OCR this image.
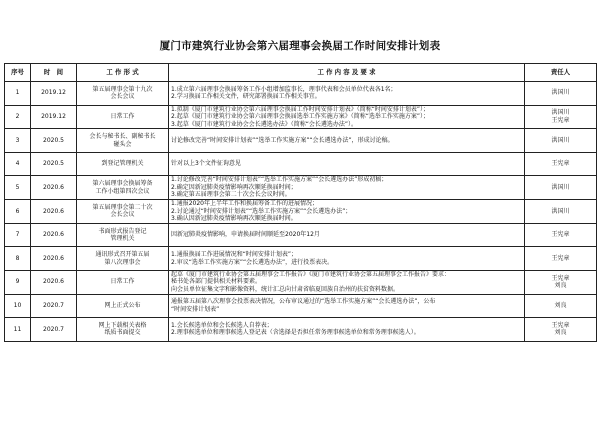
厦门市建筑行业协会第六届理事会换届工作时间安排计划表
序号	时　间	工 作 形 式	工 作 内 容 及 要 求	责任人

1	2019.12	第五届理事会第十九次
会长会议	1.成立第六届理事会换届筹备工作小组增加监事长，理事代表和会员单位代表各1名；
2.学习换届工作相关文件，研究部署换届工作相关事宜。	洪国川

2	2019.12	日常工作	1.拟制《厦门市建筑行业协会第六届理事会换届工作时间安排计划表》（简称“时间安排计划表”）；
2.起草《厦门市建筑行业协会第六届理事会换届选举工作实施方案》（简称“选举工作实施方案”）；
3.起草《厦门市建筑行业协会会长遴选办法》（简称“会长遴选办法”）。	洪国川
王宪章

3	2020.5	会长与秘书长、副秘书长
碰头会	讨论修改完善“时间安排计划表”“选举工作实施方案”“会长遴选办法”，形成讨论稿。	洪国川

4	2020.5	到登记管理机关	针对以上3个文件征询意见	王宪章

5	2020.6	第六届理事会换届筹备
工作小组第四次会议	1.讨论修改完善“时间安排计划表”“选举工作实施方案”“会长遴选办法”形成初稿；
2.确定因新冠肺炎疫情影响再次顺延换届时间；
3.确定第五届理事会第二十次会长会议时间。	洪国川

6	2020.6	第五届理事会第二十次
会长会议	1.通报2020年上半年工作和换届筹备工作的进展情况；
2.讨论通过“时间安排计划表”“选举工作实施方案”“会长遴选办法”；
3.确认因新冠肺炎疫情影响再次顺延换届时间。	洪国川

7	2020.6	书面形式报告登记
管理机关	因新冠肺炎疫情影响，申请换届时间顺延至2020年12月	王宪章

8	2020.6	通讯形式召开第五届
第八次理事会	1.通报换届工作进展情况和“时间安排计划表”；
2.审议“选举工作实施方案”“会长遴选办法”，进行投票表决。	王宪章

9	2020.6	日常工作	起草《厦门市建筑行业协会第五届理事会工作报告》《厦门市建筑行业协会第五届理事会工作报告》要求：
秘书处各部门提供相关材料要素。
向会员单位征集文字和影像资料，统计汇总向甘肃省临夏回族自治州的扶贫资料数据。	王宪章
刘良

10	2020.7	网上正式公布	通报第五届第八次理事会投票表决情况，公布审议通过的“选举工作实施方案”“会长遴选办法”，公布
“时间安排计划表”	刘良

11	2020.7	网上下载相关表格
纸质书面提交	1.会长候选单位和会长候选人自荐表；
2.理事候选单位和理事候选人登记表（含选择是否担任常务理事候选单位和常务理事候选人）。	王宪章
刘良
